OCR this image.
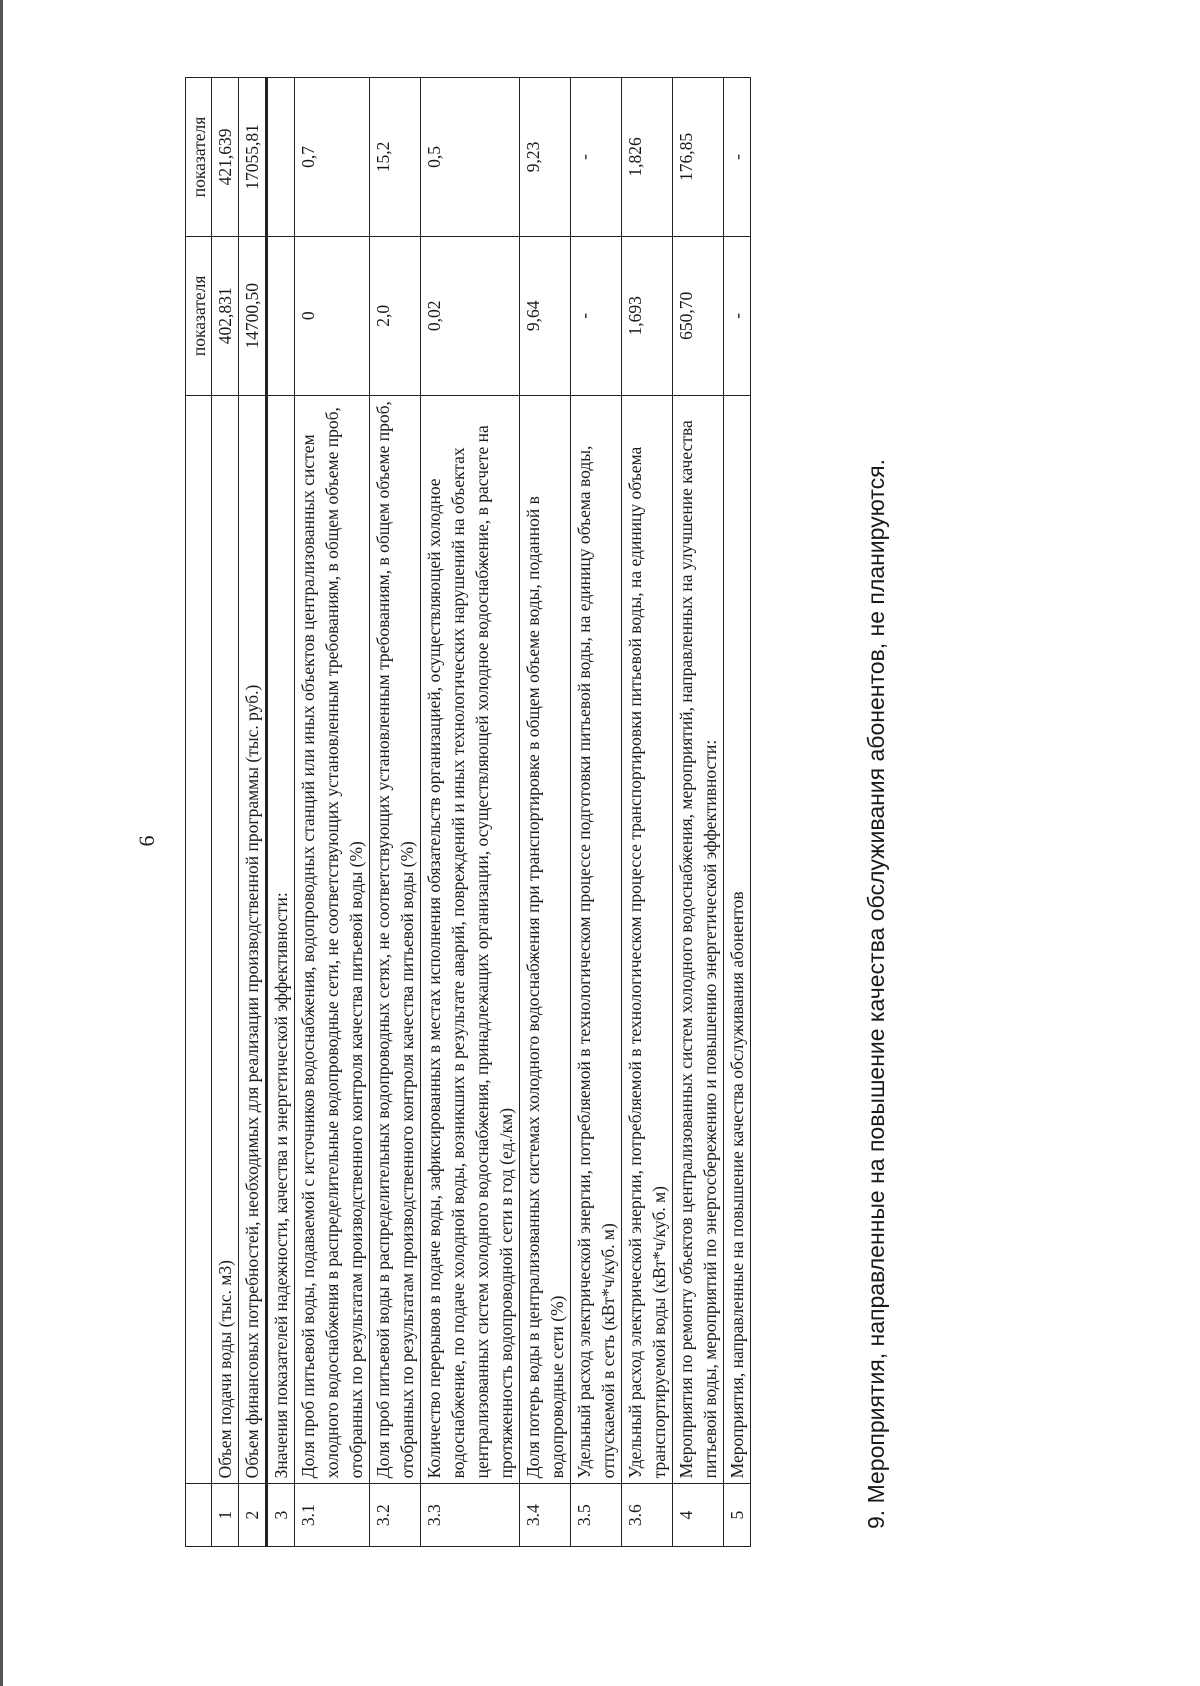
6
		показателя	показателя
1	Объем подачи воды (тыс. м3)	402,831	421,639
2	Объем финансовых потребностей, необходимых для реализации производственной программы (тыс. руб.)	14700,50	17055,81
3	Значения показателей надежности, качества и энергетической эффективности:		
3.1	Доля проб питьевой воды, подаваемой с источников водоснабжения, водопроводных станций или иных объектов централизованных систем холодного водоснабжения в распределительные водопроводные сети, не соответствующих установленным требованиям, в общем объеме проб, отобранных по результатам производственного контроля качества питьевой воды (%)	0	0,7
3.2	Доля проб питьевой воды в распределительных водопроводных сетях, не соответствующих установленным требованиям, в общем объеме проб, отобранных по результатам производственного контроля качества питьевой воды (%)	2,0	15,2
3.3	Количество перерывов в подаче воды, зафиксированных в местах исполнения обязательств организацией, осуществляющей холодное водоснабжение, по подаче холодной воды, возникших в результате аварий, повреждений и иных технологических нарушений на объектах централизованных систем холодного водоснабжения, принадлежащих организации, осуществляющей холодное водоснабжение, в расчете на протяженность водопроводной сети в год (ед./км)	0,02	0,5
3.4	Доля потерь воды в централизованных системах холодного водоснабжения при транспортировке в общем объеме воды, поданной в водопроводные сети (%)	9,64	9,23
3.5	Удельный расход электрической энергии, потребляемой в технологическом процессе подготовки питьевой воды, на единицу объема воды, отпускаемой в сеть (кВт*ч/куб. м)	-	-
3.6	Удельный расход электрической энергии, потребляемой в технологическом процессе транспортировки питьевой воды, на единицу объема транспортируемой воды (кВт*ч/куб. м)	1,693	1,826
4	Мероприятия по ремонту объектов централизованных систем холодного водоснабжения, мероприятий, направленных на улучшение качества питьевой воды, мероприятий по энергосбережению и повышению энергетической эффективности:	650,70	176,85
5	Мероприятия, направленные на повышение качества обслуживания абонентов	-	-
9. Мероприятия, направленные на повышение качества обслуживания абонентов, не планируются.
